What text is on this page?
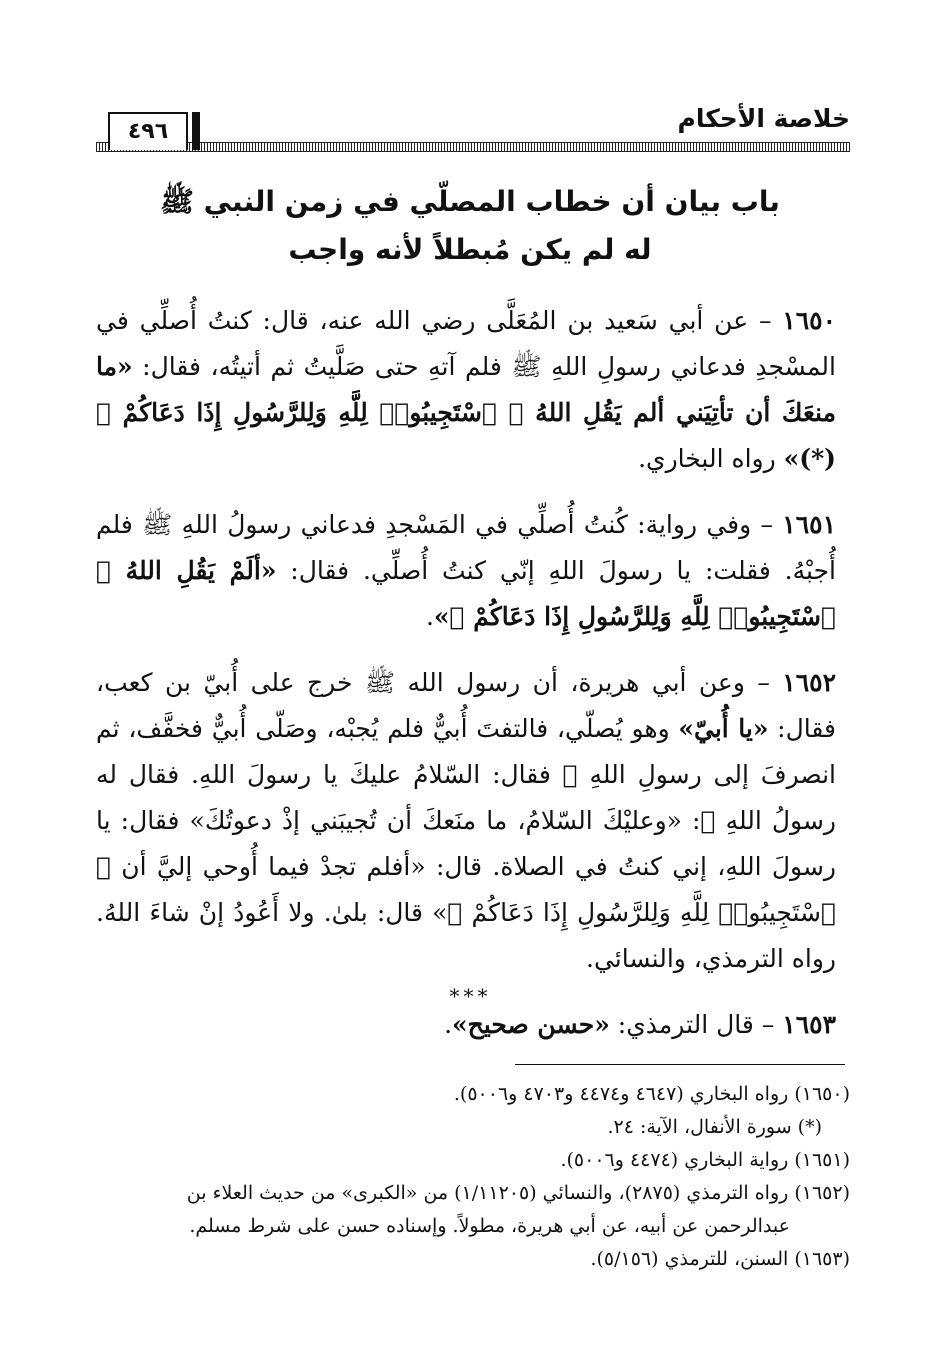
خلاصة الأحكام
٤٩٦
باب بيان أن خطاب المصلّي في زمن النبي ﷺ
له لم يكن مُبطلاً لأنه واجب

١٦٥٠ – عن أبي سَعيد بن المُعَلَّى رضي الله عنه، قال: كنتُ أُصلِّي في المسْجدِ فدعاني رسولِ اللهِ ﷺ فلم آتهِ حتى صَلَّيتُ ثم أتيتُه، فقال: «ما منعَكَ أن تأتِيَني ألم يَقُلِ اللهُ ﴿ ٱسْتَجِيبُوا۟ لِلَّهِ وَلِلرَّسُولِ إِذَا دَعَاكُمْ ﴾(*)» رواه البخاري.

١٦٥١ – وفي رواية: كُنتُ أُصلِّي في المَسْجدِ فدعاني رسولُ اللهِ ﷺ فلم أُجبْهُ. فقلت: يا رسولَ اللهِ إنّي كنتُ أُصلِّي. فقال: «ألَمْ يَقُلِ اللهُ ﴿ ٱسْتَجِيبُوا۟ لِلَّهِ وَلِلرَّسُولِ إِذَا دَعَاكُمْ ﴾».

١٦٥٢ – وعن أبي هريرة، أن رسول الله ﷺ خرج على أُبيّ بن كعب، فقال: «يا أُبيّ» وهو يُصلّي، فالتفتَ أُبيٌّ فلم يُجبْه، وصَلّى أُبيٌّ فخفَّف، ثم انصرفَ إلى رسولِ اللهِ ﷺ فقال: السّلامُ عليكَ يا رسولَ اللهِ. فقال له رسولُ اللهِ ﷺ: «وعليْكَ السّلامُ، ما منَعكَ أن تُجيبَني إذْ دعوتُكَ» فقال: يا رسولَ اللهِ، إني كنتُ في الصلاة. قال: «أفلم تجدْ فيما أُوحي إليَّ أن ﴿ ٱسْتَجِيبُوا۟ لِلَّهِ وَلِلرَّسُولِ إِذَا دَعَاكُمْ ﴾» قال: بلىٰ. ولا أَعُودُ إنْ شاءَ اللهُ. رواه الترمذي، والنسائي.

١٦٥٣ – قال الترمذي: «حسن صحيح».

***

(١٦٥٠) رواه البخاري (٤٦٤٧ و٤٤٧٤ و٤٧٠٣ و٥٠٠٦).

(*) سورة الأنفال، الآية: ٢٤.

(١٦٥١) رواية البخاري (٤٤٧٤ و٥٠٠٦).

(١٦٥٢) رواه الترمذي (٢٨٧٥)، والنسائي (١/١١٢٠٥) من «الكبرى» من حديث العلاء بن

عبدالرحمن عن أبيه، عن أبي هريرة، مطولاً. وإسناده حسن على شرط مسلم.

(١٦٥٣) السنن، للترمذي (٥/١٥٦).
